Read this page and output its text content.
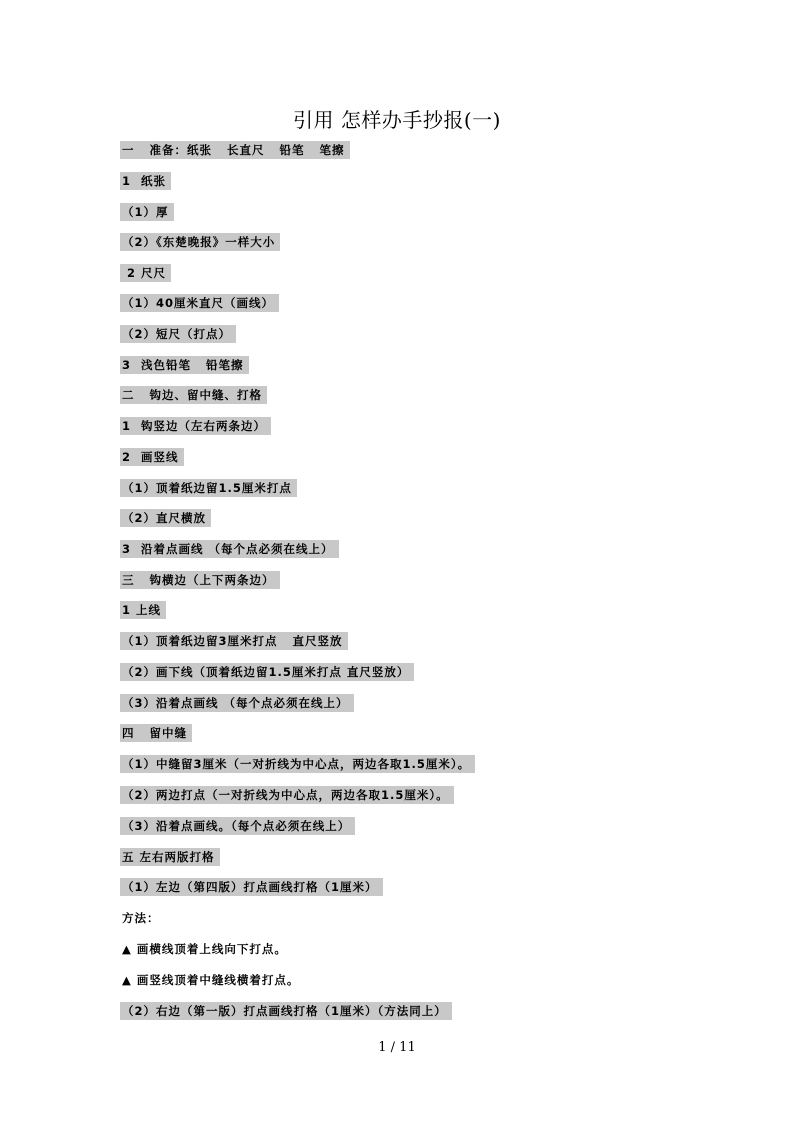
引用 怎样办手抄报(一)
一   准备：纸张   长直尺   铅笔   笔擦
1  纸张
（1）厚
（2）《东楚晚报》一样大小
2 尺尺
（1）40厘米直尺（画线）
（2）短尺（打点）
3  浅色铅笔   铅笔擦
二   钩边、留中缝、打格
1  钩竖边（左右两条边）
2  画竖线
（1）顶着纸边留1.5厘米打点
（2）直尺横放
3  沿着点画线 （每个点必须在线上）
三   钩横边（上下两条边）
1 上线
（1）顶着纸边留3厘米打点   直尺竖放
（2）画下线（顶着纸边留1.5厘米打点 直尺竖放）
（3）沿着点画线 （每个点必须在线上）
四   留中缝
（1）中缝留3厘米（一对折线为中心点，两边各取1.5厘米）。
（2）两边打点（一对折线为中心点，两边各取1.5厘米）。
（3）沿着点画线。（每个点必须在线上）
五 左右两版打格
（1）左边（第四版）打点画线打格（1厘米）
方法：
▲ 画横线顶着上线向下打点。
▲ 画竖线顶着中缝线横着打点。
（2）右边（第一版）打点画线打格（1厘米）（方法同上）
1 / 11
